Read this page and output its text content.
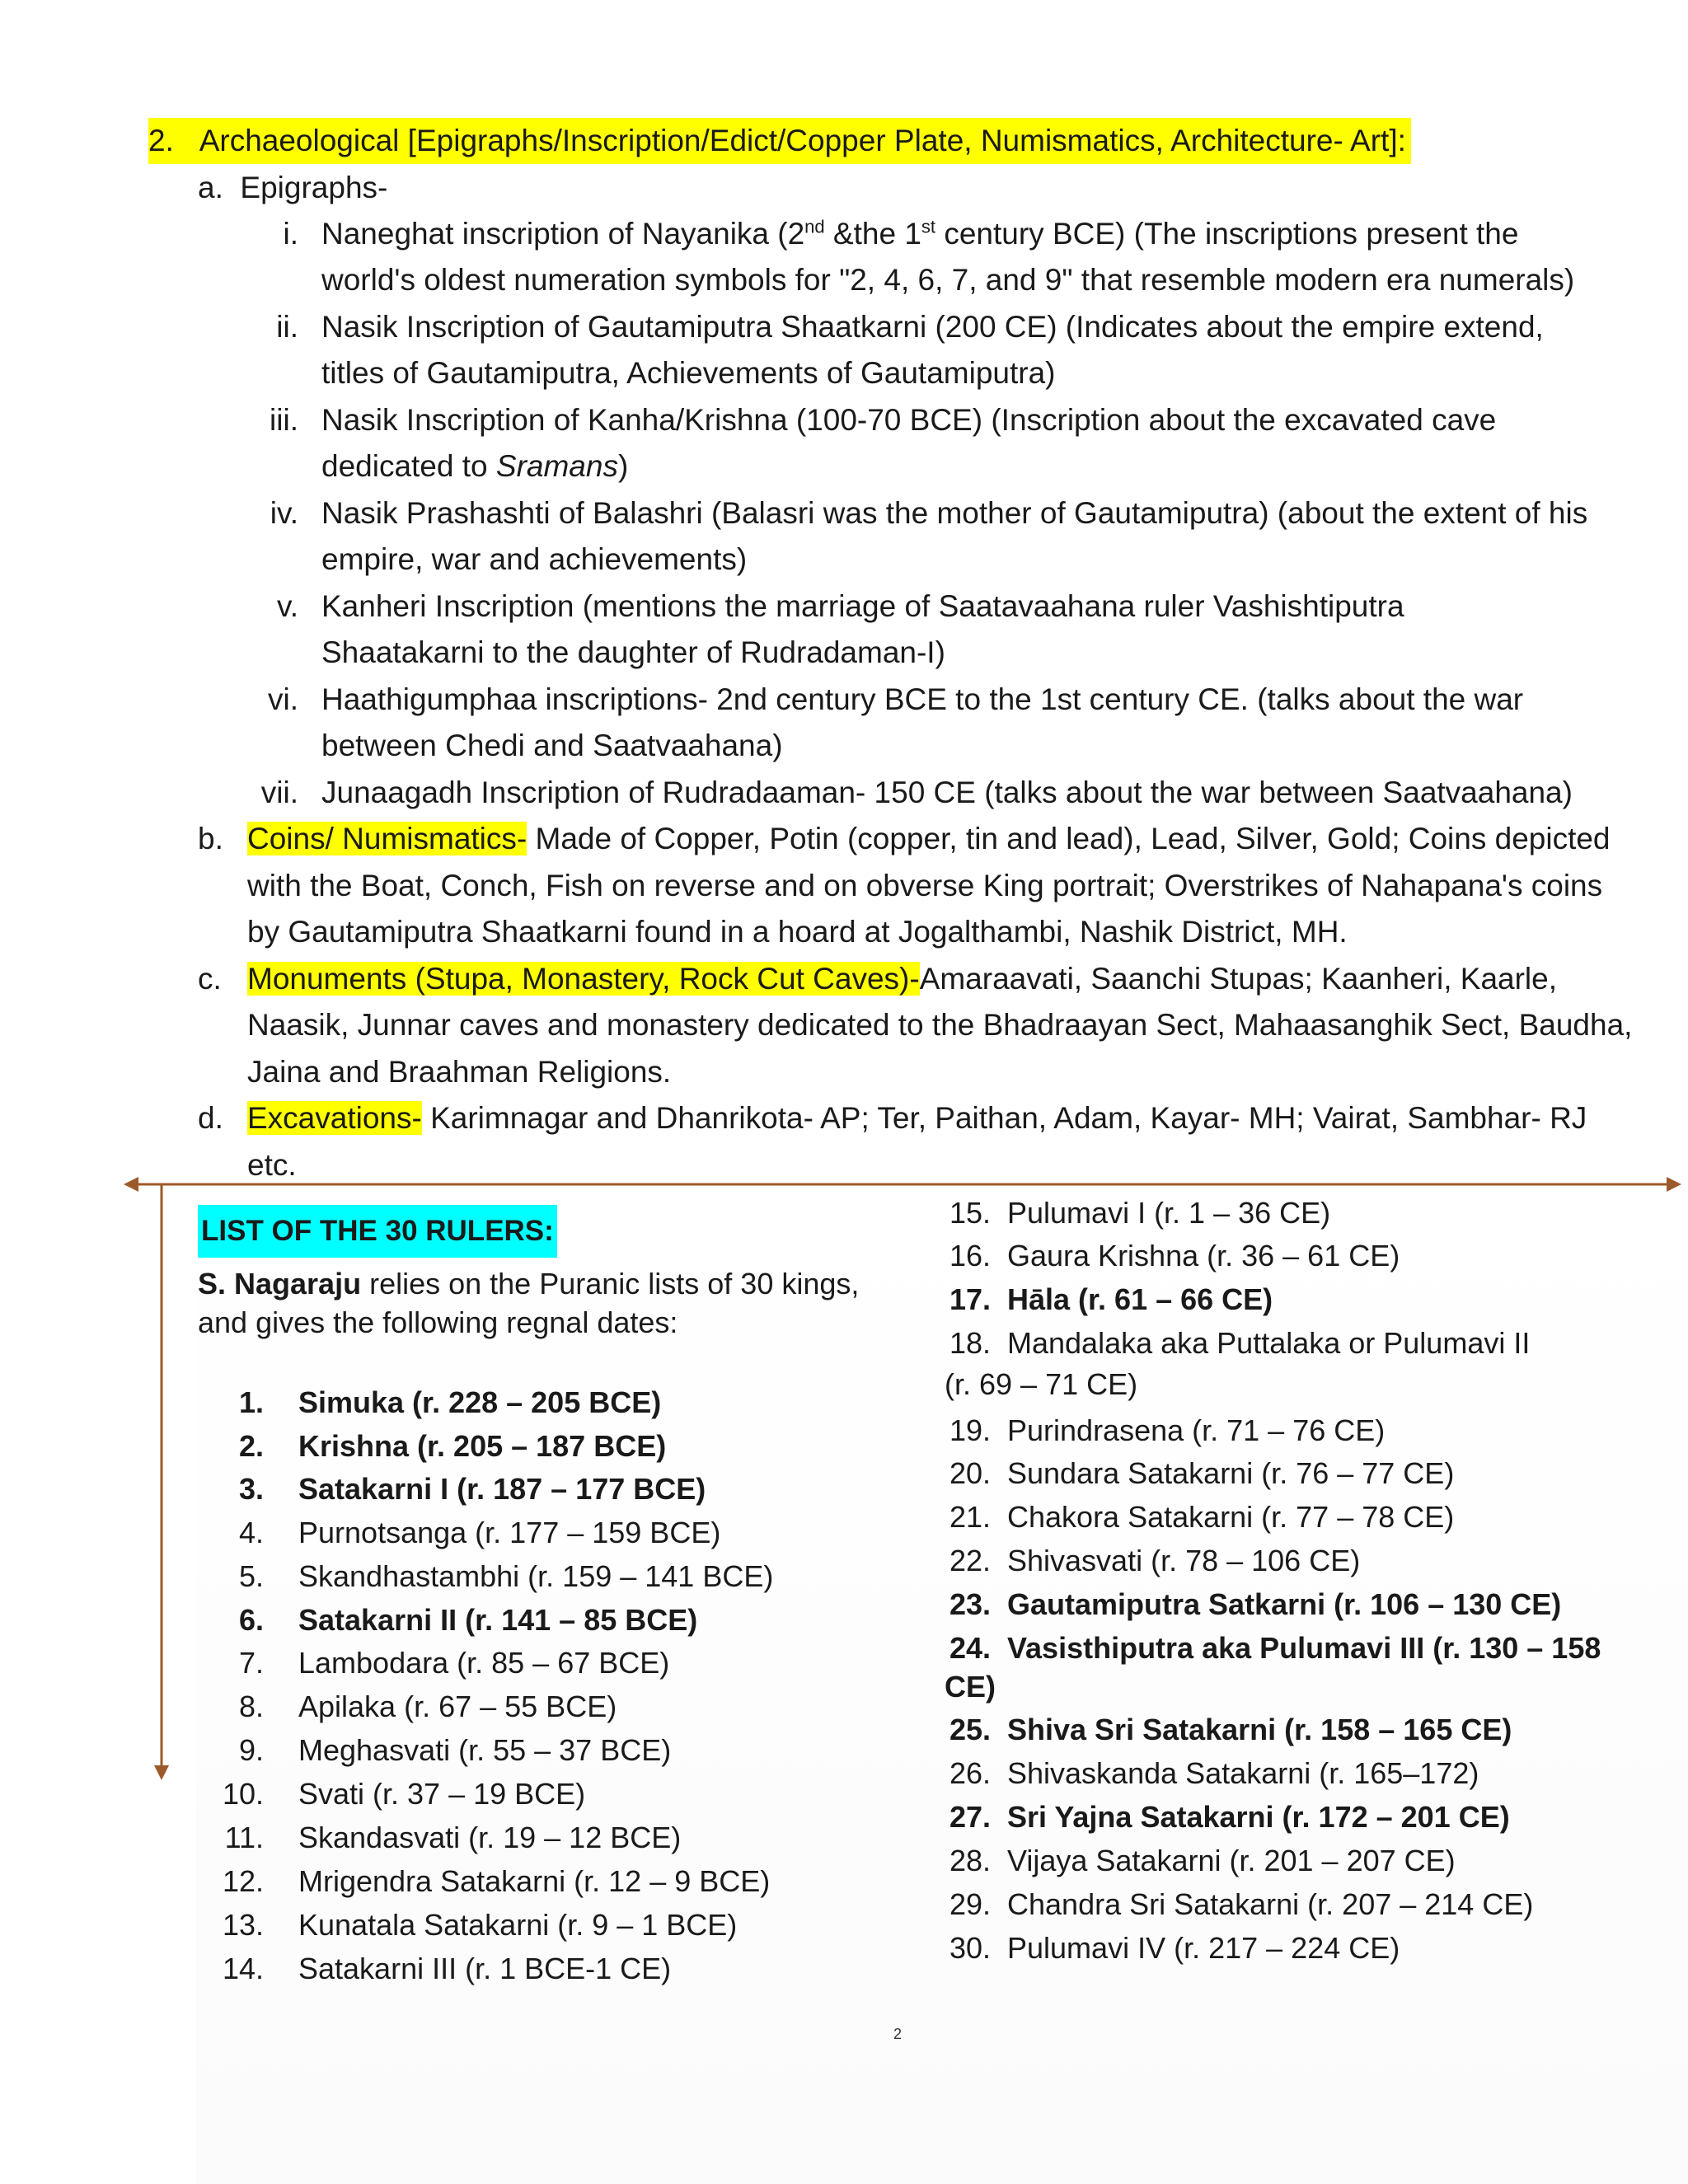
2. Archaeological [Epigraphs/Inscription/Edict/Copper Plate, Numismatics, Architecture- Art]:
a. Epigraphs-
i. Naneghat inscription of Nayanika (2nd &the 1st century BCE) (The inscriptions present the
world's oldest numeration symbols for "2, 4, 6, 7, and 9" that resemble modern era numerals)
ii. Nasik Inscription of Gautamiputra Shaatkarni (200 CE) (Indicates about the empire extend,
titles of Gautamiputra, Achievements of Gautamiputra)
iii. Nasik Inscription of Kanha/Krishna (100-70 BCE) (Inscription about the excavated cave
dedicated to Sramans)
iv. Nasik Prashashti of Balashri (Balasri was the mother of Gautamiputra) (about the extent of his
empire, war and achievements)
v. Kanheri Inscription (mentions the marriage of Saatavaahana ruler Vashishtiputra
Shaatakarni to the daughter of Rudradaman-I)
vi. Haathigumphaa inscriptions- 2nd century BCE to the 1st century CE. (talks about the war
between Chedi and Saatvaahana)
vii. Junaagadh Inscription of Rudradaaman- 150 CE (talks about the war between Saatvaahana)
b. Coins/ Numismatics- Made of Copper, Potin (copper, tin and lead), Lead, Silver, Gold; Coins depicted
with the Boat, Conch, Fish on reverse and on obverse King portrait; Overstrikes of Nahapana's coins
by Gautamiputra Shaatkarni found in a hoard at Jogalthambi, Nashik District, MH.
c. Monuments (Stupa, Monastery, Rock Cut Caves)-Amaraavati, Saanchi Stupas; Kaanheri, Kaarle,
Naasik, Junnar caves and monastery dedicated to the Bhadraayan Sect, Mahaasanghik Sect, Baudha,
Jaina and Braahman Religions.
d. Excavations- Karimnagar and Dhanrikota- AP; Ter, Paithan, Adam, Kayar- MH; Vairat, Sambhar- RJ
etc.
LIST OF THE 30 RULERS:
S. Nagaraju relies on the Puranic lists of 30 kings,
and gives the following regnal dates:
1. Simuka (r. 228 – 205 BCE)
2. Krishna (r. 205 – 187 BCE)
3. Satakarni I (r. 187 – 177 BCE)
4. Purnotsanga (r. 177 – 159 BCE)
5. Skandhastambhi (r. 159 – 141 BCE)
6. Satakarni II (r. 141 – 85 BCE)
7. Lambodara (r. 85 – 67 BCE)
8. Apilaka (r. 67 – 55 BCE)
9. Meghasvati (r. 55 – 37 BCE)
10. Svati (r. 37 – 19 BCE)
11. Skandasvati (r. 19 – 12 BCE)
12. Mrigendra Satakarni (r. 12 – 9 BCE)
13. Kunatala Satakarni (r. 9 – 1 BCE)
14. Satakarni III (r. 1 BCE-1 CE)
15. Pulumavi I (r. 1 – 36 CE)
16. Gaura Krishna (r. 36 – 61 CE)
17. Hāla (r. 61 – 66 CE)
18. Mandalaka aka Puttalaka or Pulumavi II
(r. 69 – 71 CE)
19. Purindrasena (r. 71 – 76 CE)
20. Sundara Satakarni (r. 76 – 77 CE)
21. Chakora Satakarni (r. 77 – 78 CE)
22. Shivasvati (r. 78 – 106 CE)
23. Gautamiputra Satkarni (r. 106 – 130 CE)
24. Vasisthiputra aka Pulumavi III (r. 130 – 158
CE)
25. Shiva Sri Satakarni (r. 158 – 165 CE)
26. Shivaskanda Satakarni (r. 165–172)
27. Sri Yajna Satakarni (r. 172 – 201 CE)
28. Vijaya Satakarni (r. 201 – 207 CE)
29. Chandra Sri Satakarni (r. 207 – 214 CE)
30. Pulumavi IV (r. 217 – 224 CE)
2
